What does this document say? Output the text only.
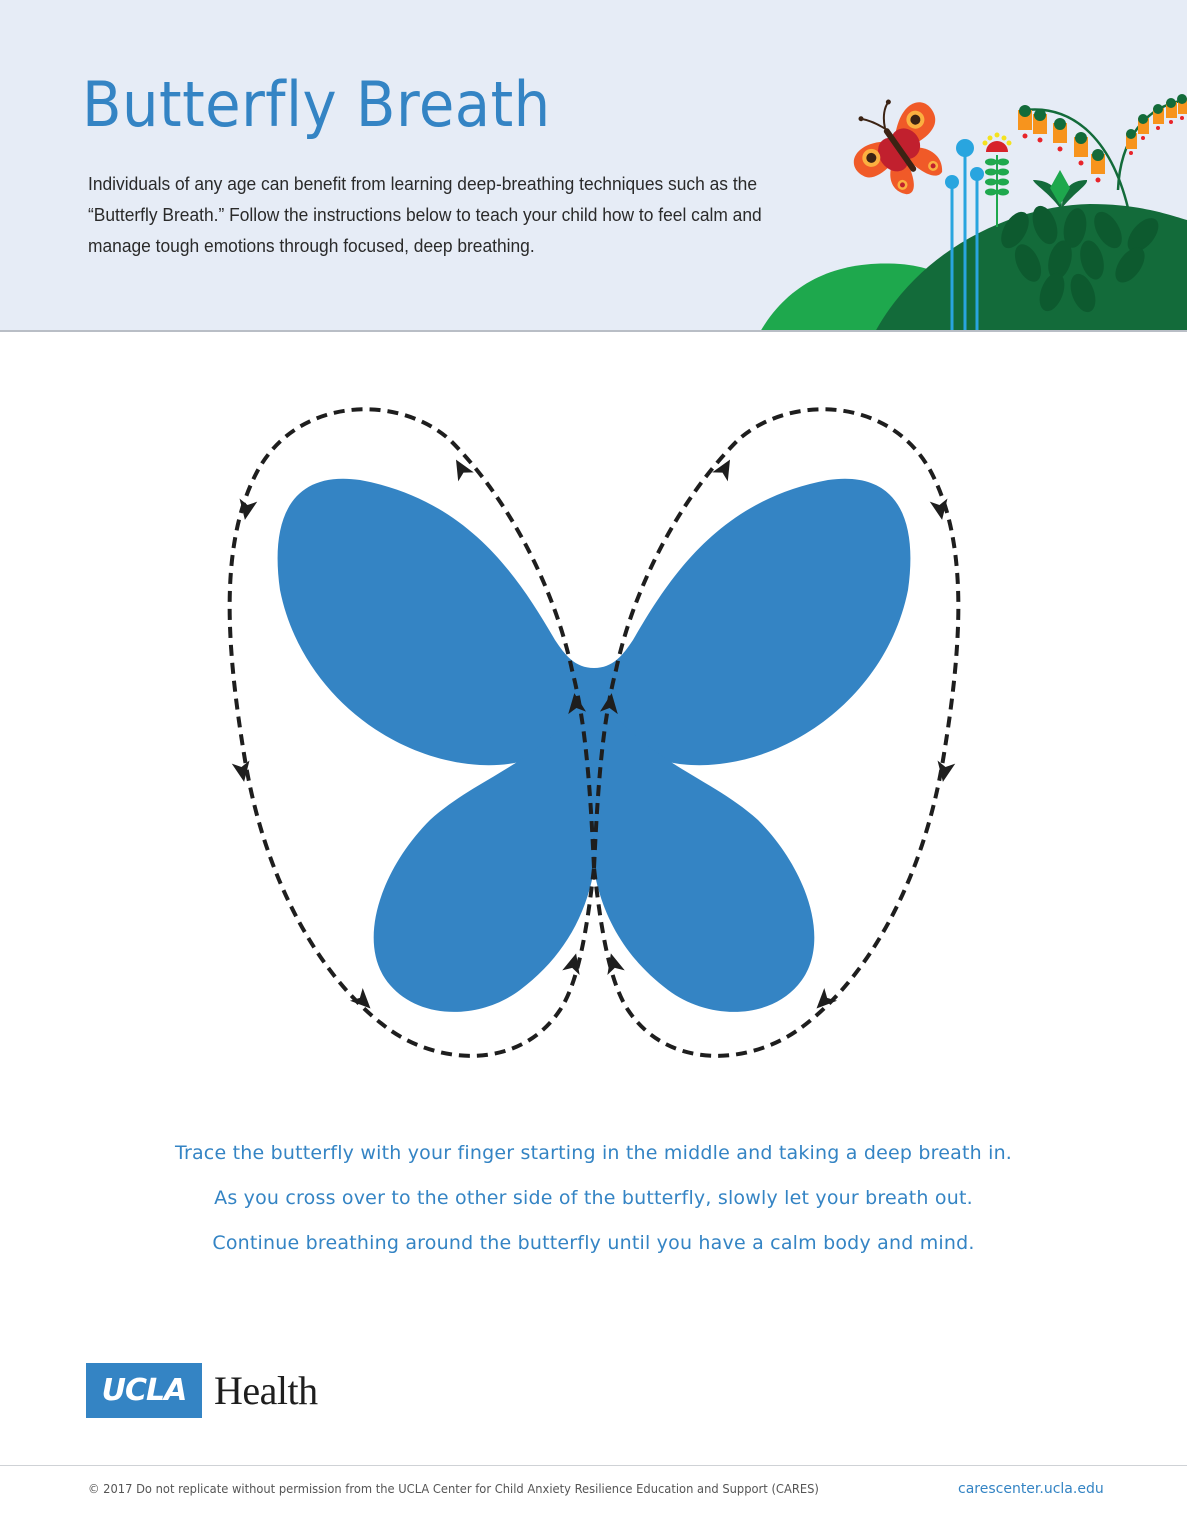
Butterfly Breath

Individuals of any age can benefit from learning deep-breathing techniques such as the “Butterfly Breath.” Follow the instructions below to teach your child how to feel calm and manage tough emotions through focused, deep breathing.

Trace the butterfly with your finger starting in the middle and taking a deep breath in.

As you cross over to the other side of the butterfly, slowly let your breath out.

Continue breathing around the butterfly until you have a calm body and mind.

UCLA Health
© 2017 Do not replicate without permission from the UCLA Center for Child Anxiety Resilience Education and Support (CARES)	carescenter.ucla.edu
